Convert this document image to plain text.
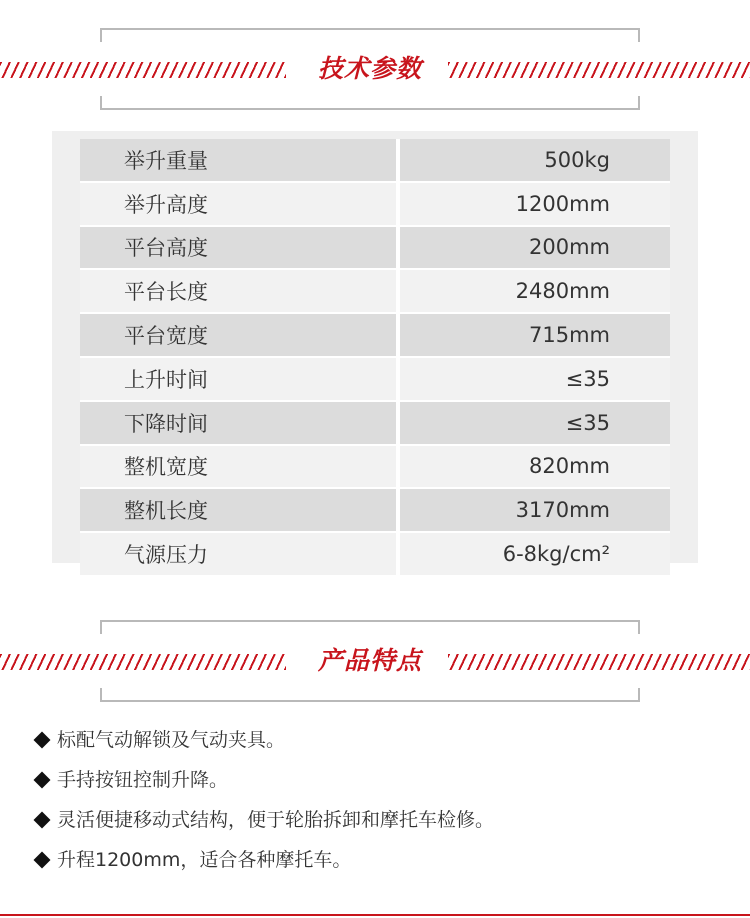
技术参数
举升重量	500kg
举升高度	1200mm
平台高度	200mm
平台长度	2480mm
平台宽度	715mm
上升时间	≤35
下降时间	≤35
整机宽度	820mm
整机长度	3170mm
气源压力	6-8kg/cm²
产品特点
标配气动解锁及气动夹具。
手持按钮控制升降。
灵活便捷移动式结构，便于轮胎拆卸和摩托车检修。
升程1200mm，适合各种摩托车。
